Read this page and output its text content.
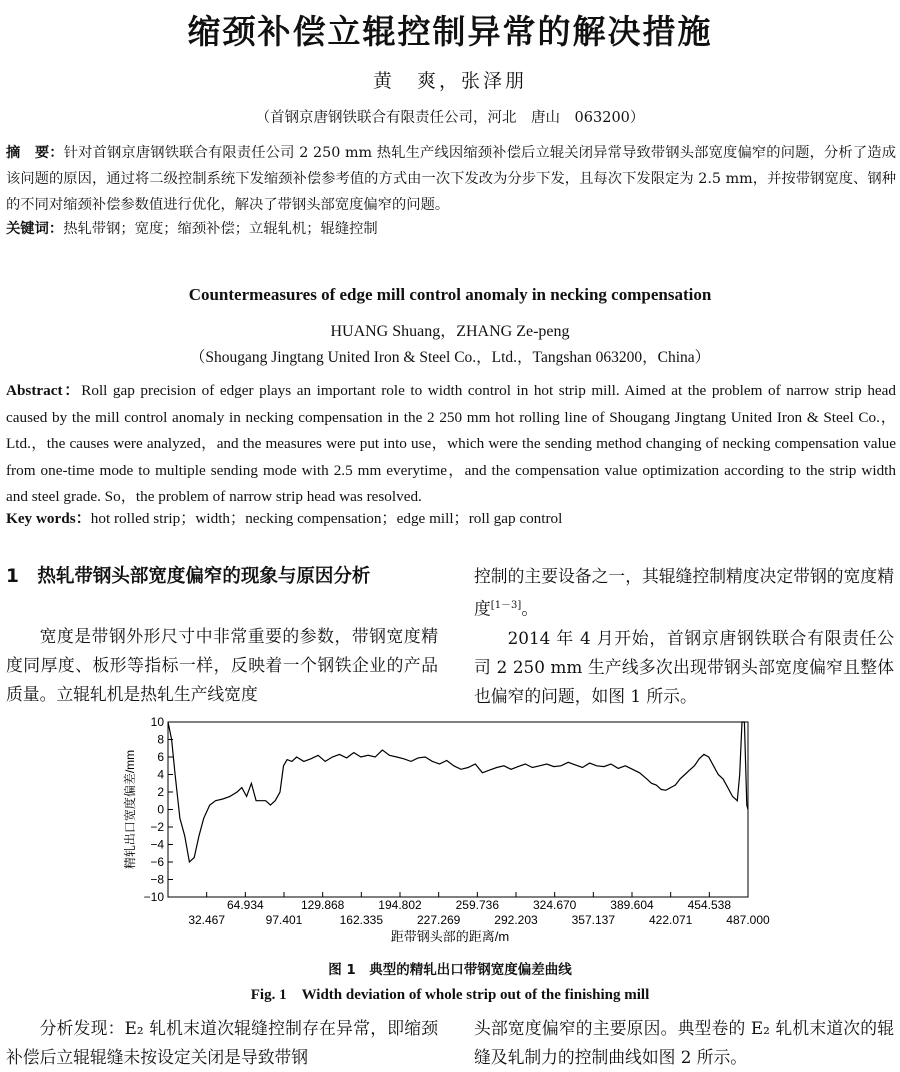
缩颈补偿立辊控制异常的解决措施
黄　爽，张泽朋
（首钢京唐钢铁联合有限责任公司，河北　唐山　063200）
摘　要：针对首钢京唐钢铁联合有限责任公司 2 250 mm 热轧生产线因缩颈补偿后立辊关闭异常导致带钢头部宽度偏窄的问题，分析了造成该问题的原因，通过将二级控制系统下发缩颈补偿参考值的方式由一次下发改为分步下发，且每次下发限定为 2.5 mm，并按带钢宽度、钢种的不同对缩颈补偿参数值进行优化，解决了带钢头部宽度偏窄的问题。
关键词：热轧带钢；宽度；缩颈补偿；立辊轧机；辊缝控制
Countermeasures of edge mill control anomaly in necking compensation
HUANG Shuang，ZHANG Ze-peng
（Shougang Jingtang United Iron & Steel Co.，Ltd.，Tangshan 063200，China）
Abstract：Roll gap precision of edger plays an important role to width control in hot strip mill. Aimed at the problem of narrow strip head caused by the mill control anomaly in necking compensation in the 2 250 mm hot rolling line of Shougang Jingtang United Iron & Steel Co.，Ltd.，the causes were analyzed，and the measures were put into use，which were the sending method changing of necking compensation value from one-time mode to multiple sending mode with 2.5 mm everytime，and the compensation value optimization according to the strip width and steel grade. So，the problem of narrow strip head was resolved.
Key words：hot rolled strip；width；necking compensation；edge mill；roll gap control
1　 热轧带钢头部宽度偏窄的现象与原因分析
宽度是带钢外形尺寸中非常重要的参数，带钢宽度精度同厚度、板形等指标一样，反映着一个钢铁企业的产品质量。立辊轧机是热轧生产线宽度
控制的主要设备之一，其辊缝控制精度决定带钢的宽度精度[1－3]。
2014 年 4 月开始，首钢京唐钢铁联合有限责任公司 2 250 mm 生产线多次出现带钢头部宽度偏窄且整体也偏窄的问题，如图 1 所示。
10
8
6
4
2
0
−2
−4
−6
−8
−10
64.934	129.868	194.802	259.736	324.670	389.604	454.538
32.467	97.401	162.335	227.269	292.203	357.137	422.071	487.000
距带钢头部的距离/m
精轧出口宽度偏差/mm
图 1　典型的精轧出口带钢宽度偏差曲线
Fig. 1　Width deviation of whole strip out of the finishing mill
分析发现：E₂ 轧机末道次辊缝控制存在异常，即缩颈补偿后立辊辊缝未按设定关闭是导致带钢
头部宽度偏窄的主要原因。典型卷的 E₂ 轧机末道次的辊缝及轧制力的控制曲线如图 2 所示。
